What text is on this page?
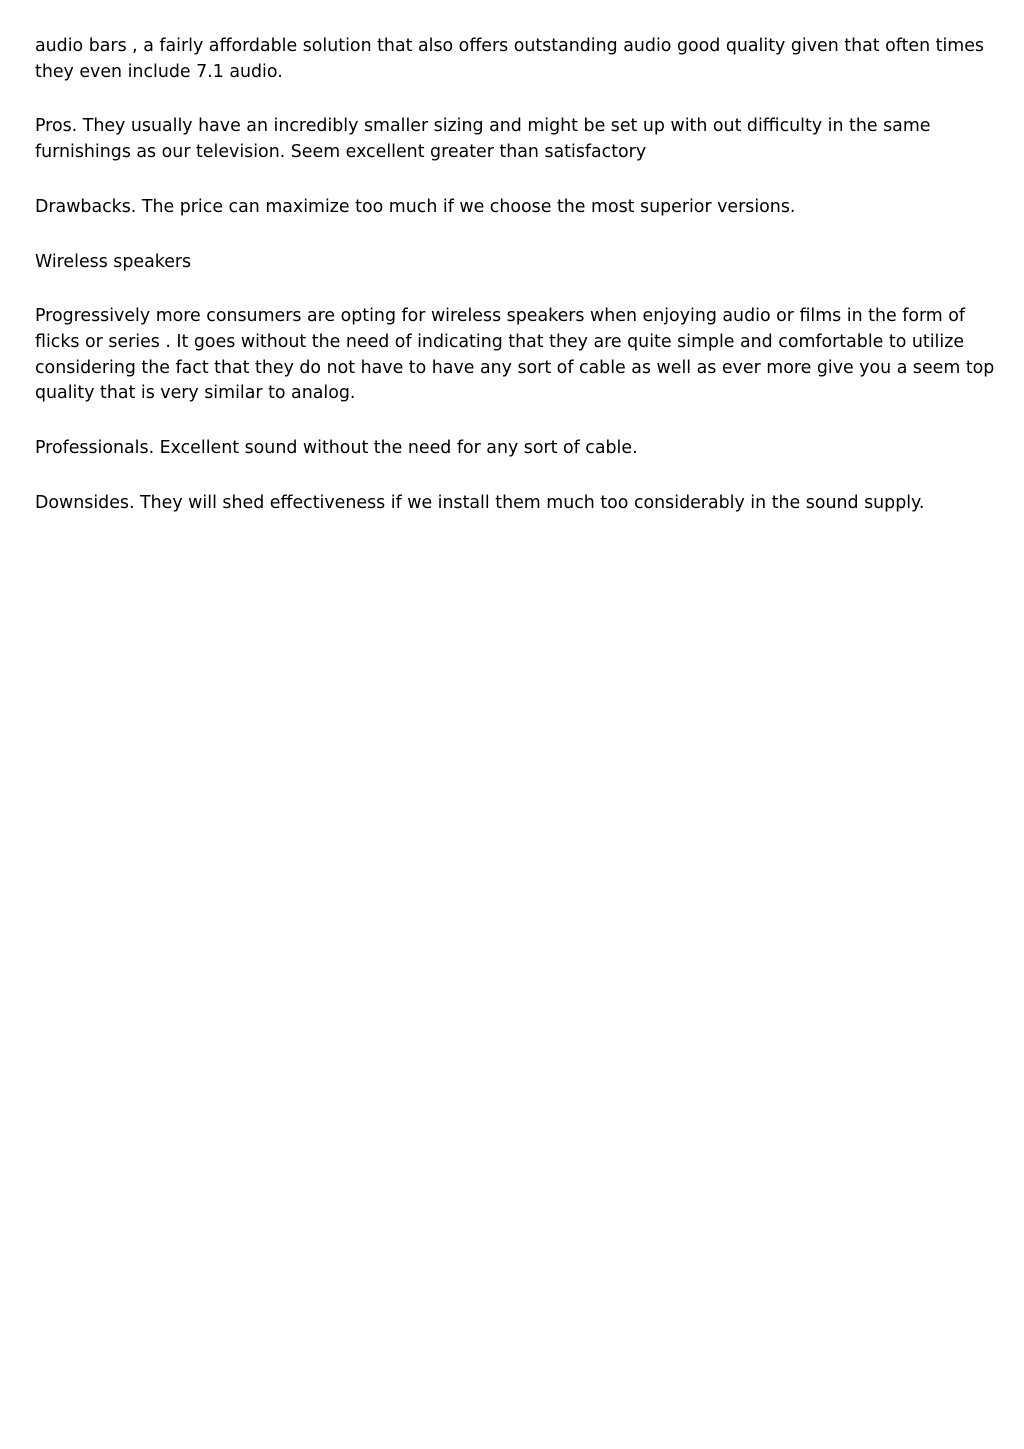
audio bars , a fairly affordable solution that also offers outstanding audio good quality given that often times they even include 7.1 audio.

Pros. They usually have an incredibly smaller sizing and might be set up with out difficulty in the same furnishings as our television. Seem excellent greater than satisfactory

Drawbacks. The price can maximize too much if we choose the most superior versions.

Wireless speakers

Progressively more consumers are opting for wireless speakers when enjoying audio or films in the form of flicks or series . It goes without the need of indicating that they are quite simple and comfortable to utilize considering the fact that they do not have to have any sort of cable as well as ever more give you a seem top quality that is very similar to analog.

Professionals. Excellent sound without the need for any sort of cable.

Downsides. They will shed effectiveness if we install them much too considerably in the sound supply.
